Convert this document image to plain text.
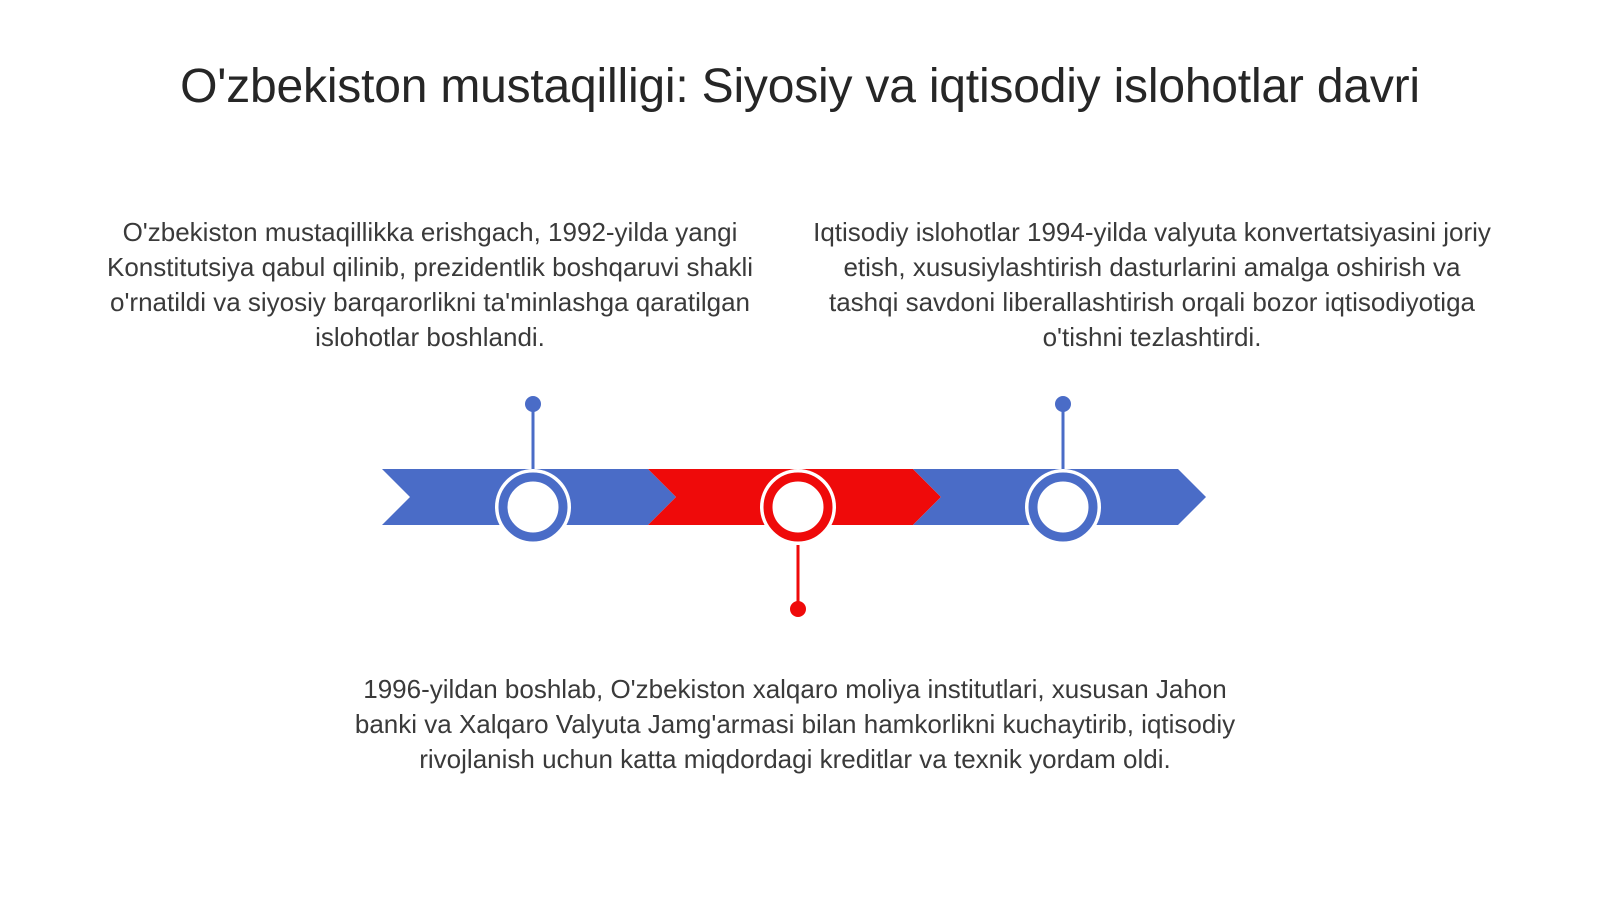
O'zbekiston mustaqilligi: Siyosiy va iqtisodiy islohotlar davri

O'zbekiston mustaqillikka erishgach, 1992-yilda yangi Konstitutsiya qabul qilinib, prezidentlik boshqaruvi shakli o'rnatildi va siyosiy barqarorlikni ta'minlashga qaratilgan islohotlar boshlandi.

Iqtisodiy islohotlar 1994-yilda valyuta konvertatsiyasini joriy etish, xususiylashtirish dasturlarini amalga oshirish va tashqi savdoni liberallashtirish orqali bozor iqtisodiyotiga o'tishni tezlashtirdi.

1996-yildan boshlab, O'zbekiston xalqaro moliya institutlari, xususan Jahon banki va Xalqaro Valyuta Jamg'armasi bilan hamkorlikni kuchaytirib, iqtisodiy rivojlanish uchun katta miqdordagi kreditlar va texnik yordam oldi.
